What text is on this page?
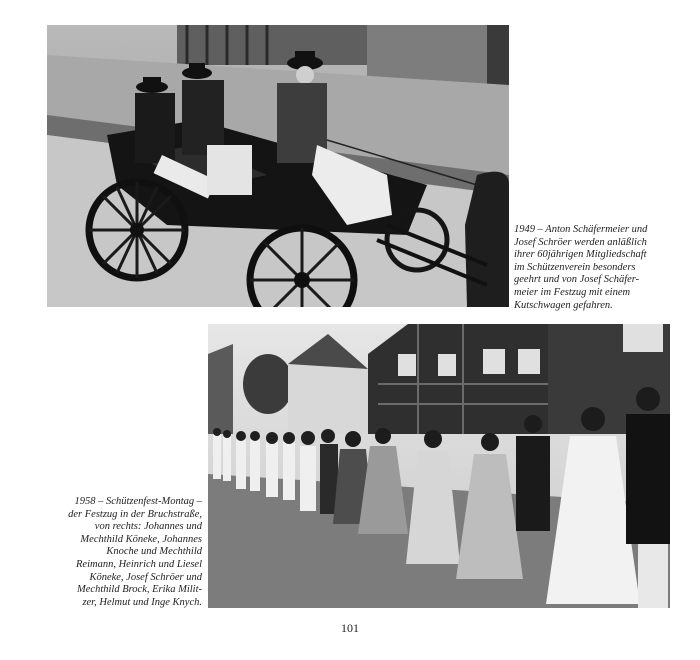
1949 – Anton Schäfermeier und
Josef Schröer werden anläßlich
ihrer 60jährigen Mitgliedschaft
im Schützenverein besonders
geehrt und von Josef Schäfer-
meier im Festzug mit einem
Kutschwagen gefahren.
1958 – Schützenfest-Montag –
der Festzug in der Bruchstraße,
von rechts: Johannes und
Mechthild Köneke, Johannes
Knoche und Mechthild
Reimann, Heinrich und Liesel
Köneke, Josef Schröer und
Mechthild Brock, Erika Milit-
zer, Helmut und Inge Knych.
101
